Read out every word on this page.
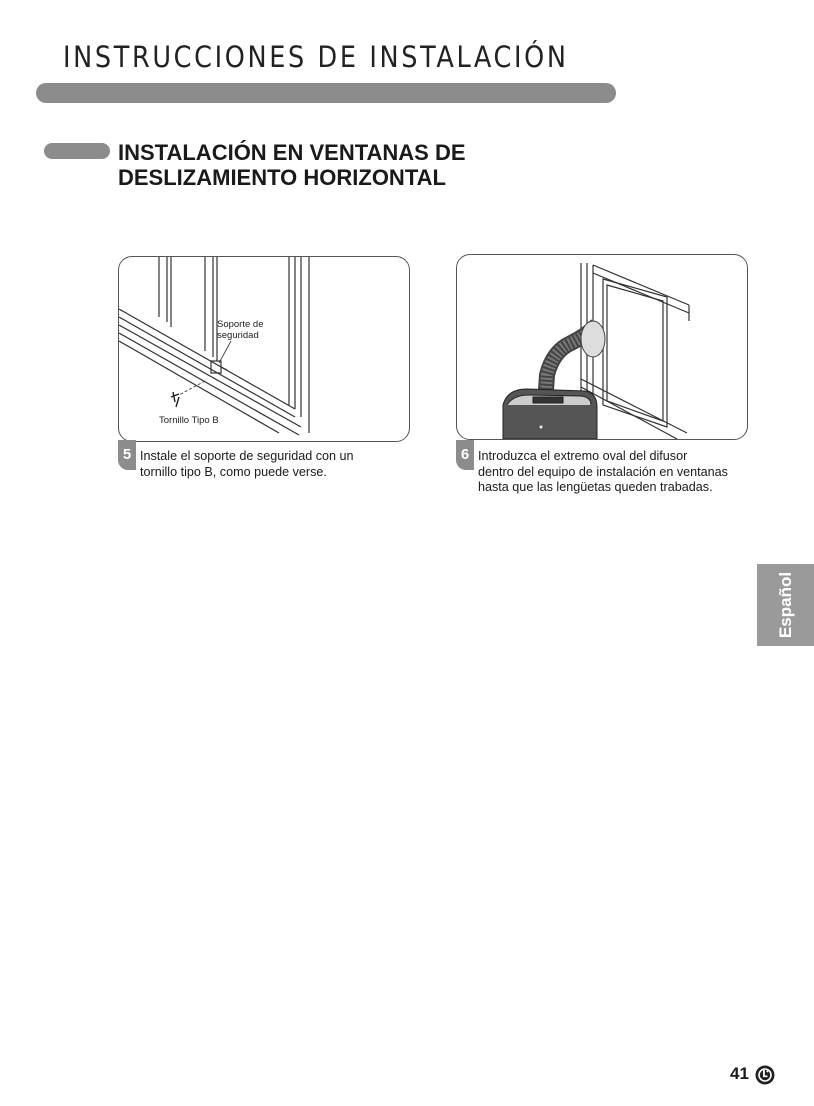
INSTRUCCIONES DE INSTALACIÓN
INSTALACIÓN EN VENTANAS DE
DESLIZAMIENTO HORIZONTAL
Soporte de
seguridad
Tornillo Tipo B
5 Instale el soporte de seguridad con un
tornillo tipo B, como puede verse.
6 Introduzca el extremo oval del difusor
dentro del equipo de instalación en ventanas
hasta que las lengüetas queden trabadas.
Español
41
